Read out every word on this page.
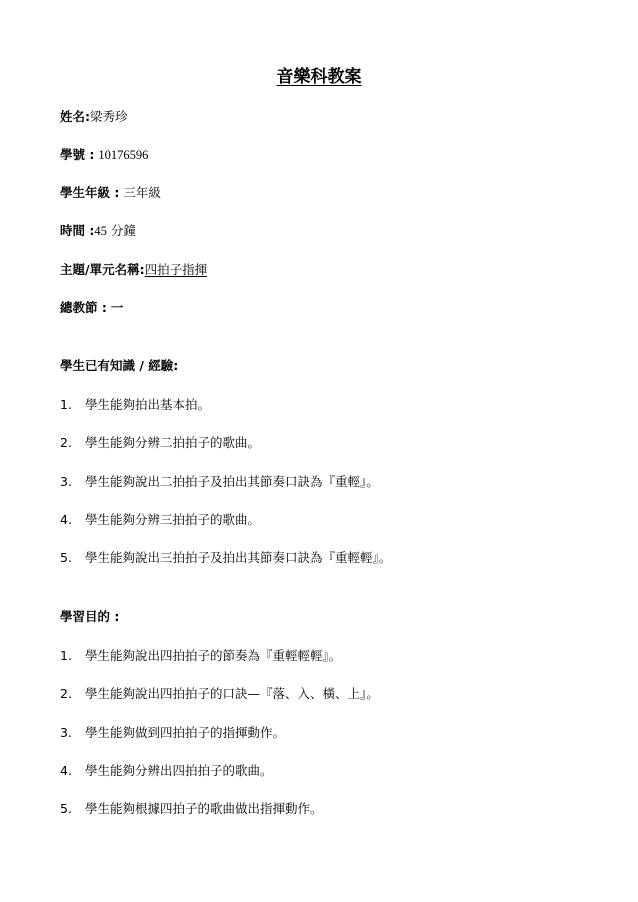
音樂科教案
姓名:梁秀珍
學號 : 10176596
學生年級 : 三年級
時間 :45 分鐘
主題/單元名稱:四拍子指揮
總教節 : 一
學生已有知識 / 經驗:
1. 學生能夠拍出基本拍。
2. 學生能夠分辨二拍拍子的歌曲。
3. 學生能夠說出二拍拍子及拍出其節奏口訣為『重輕』。
4. 學生能夠分辨三拍拍子的歌曲。
5. 學生能夠說出三拍拍子及拍出其節奏口訣為『重輕輕』。
學習目的 :
1. 學生能夠說出四拍拍子的節奏為『重輕輕輕』。
2. 學生能夠說出四拍拍子的口訣—『落、入、橫、上』。
3. 學生能夠做到四拍拍子的指揮動作。
4. 學生能夠分辨出四拍拍子的歌曲。
5. 學生能夠根據四拍子的歌曲做出指揮動作。
